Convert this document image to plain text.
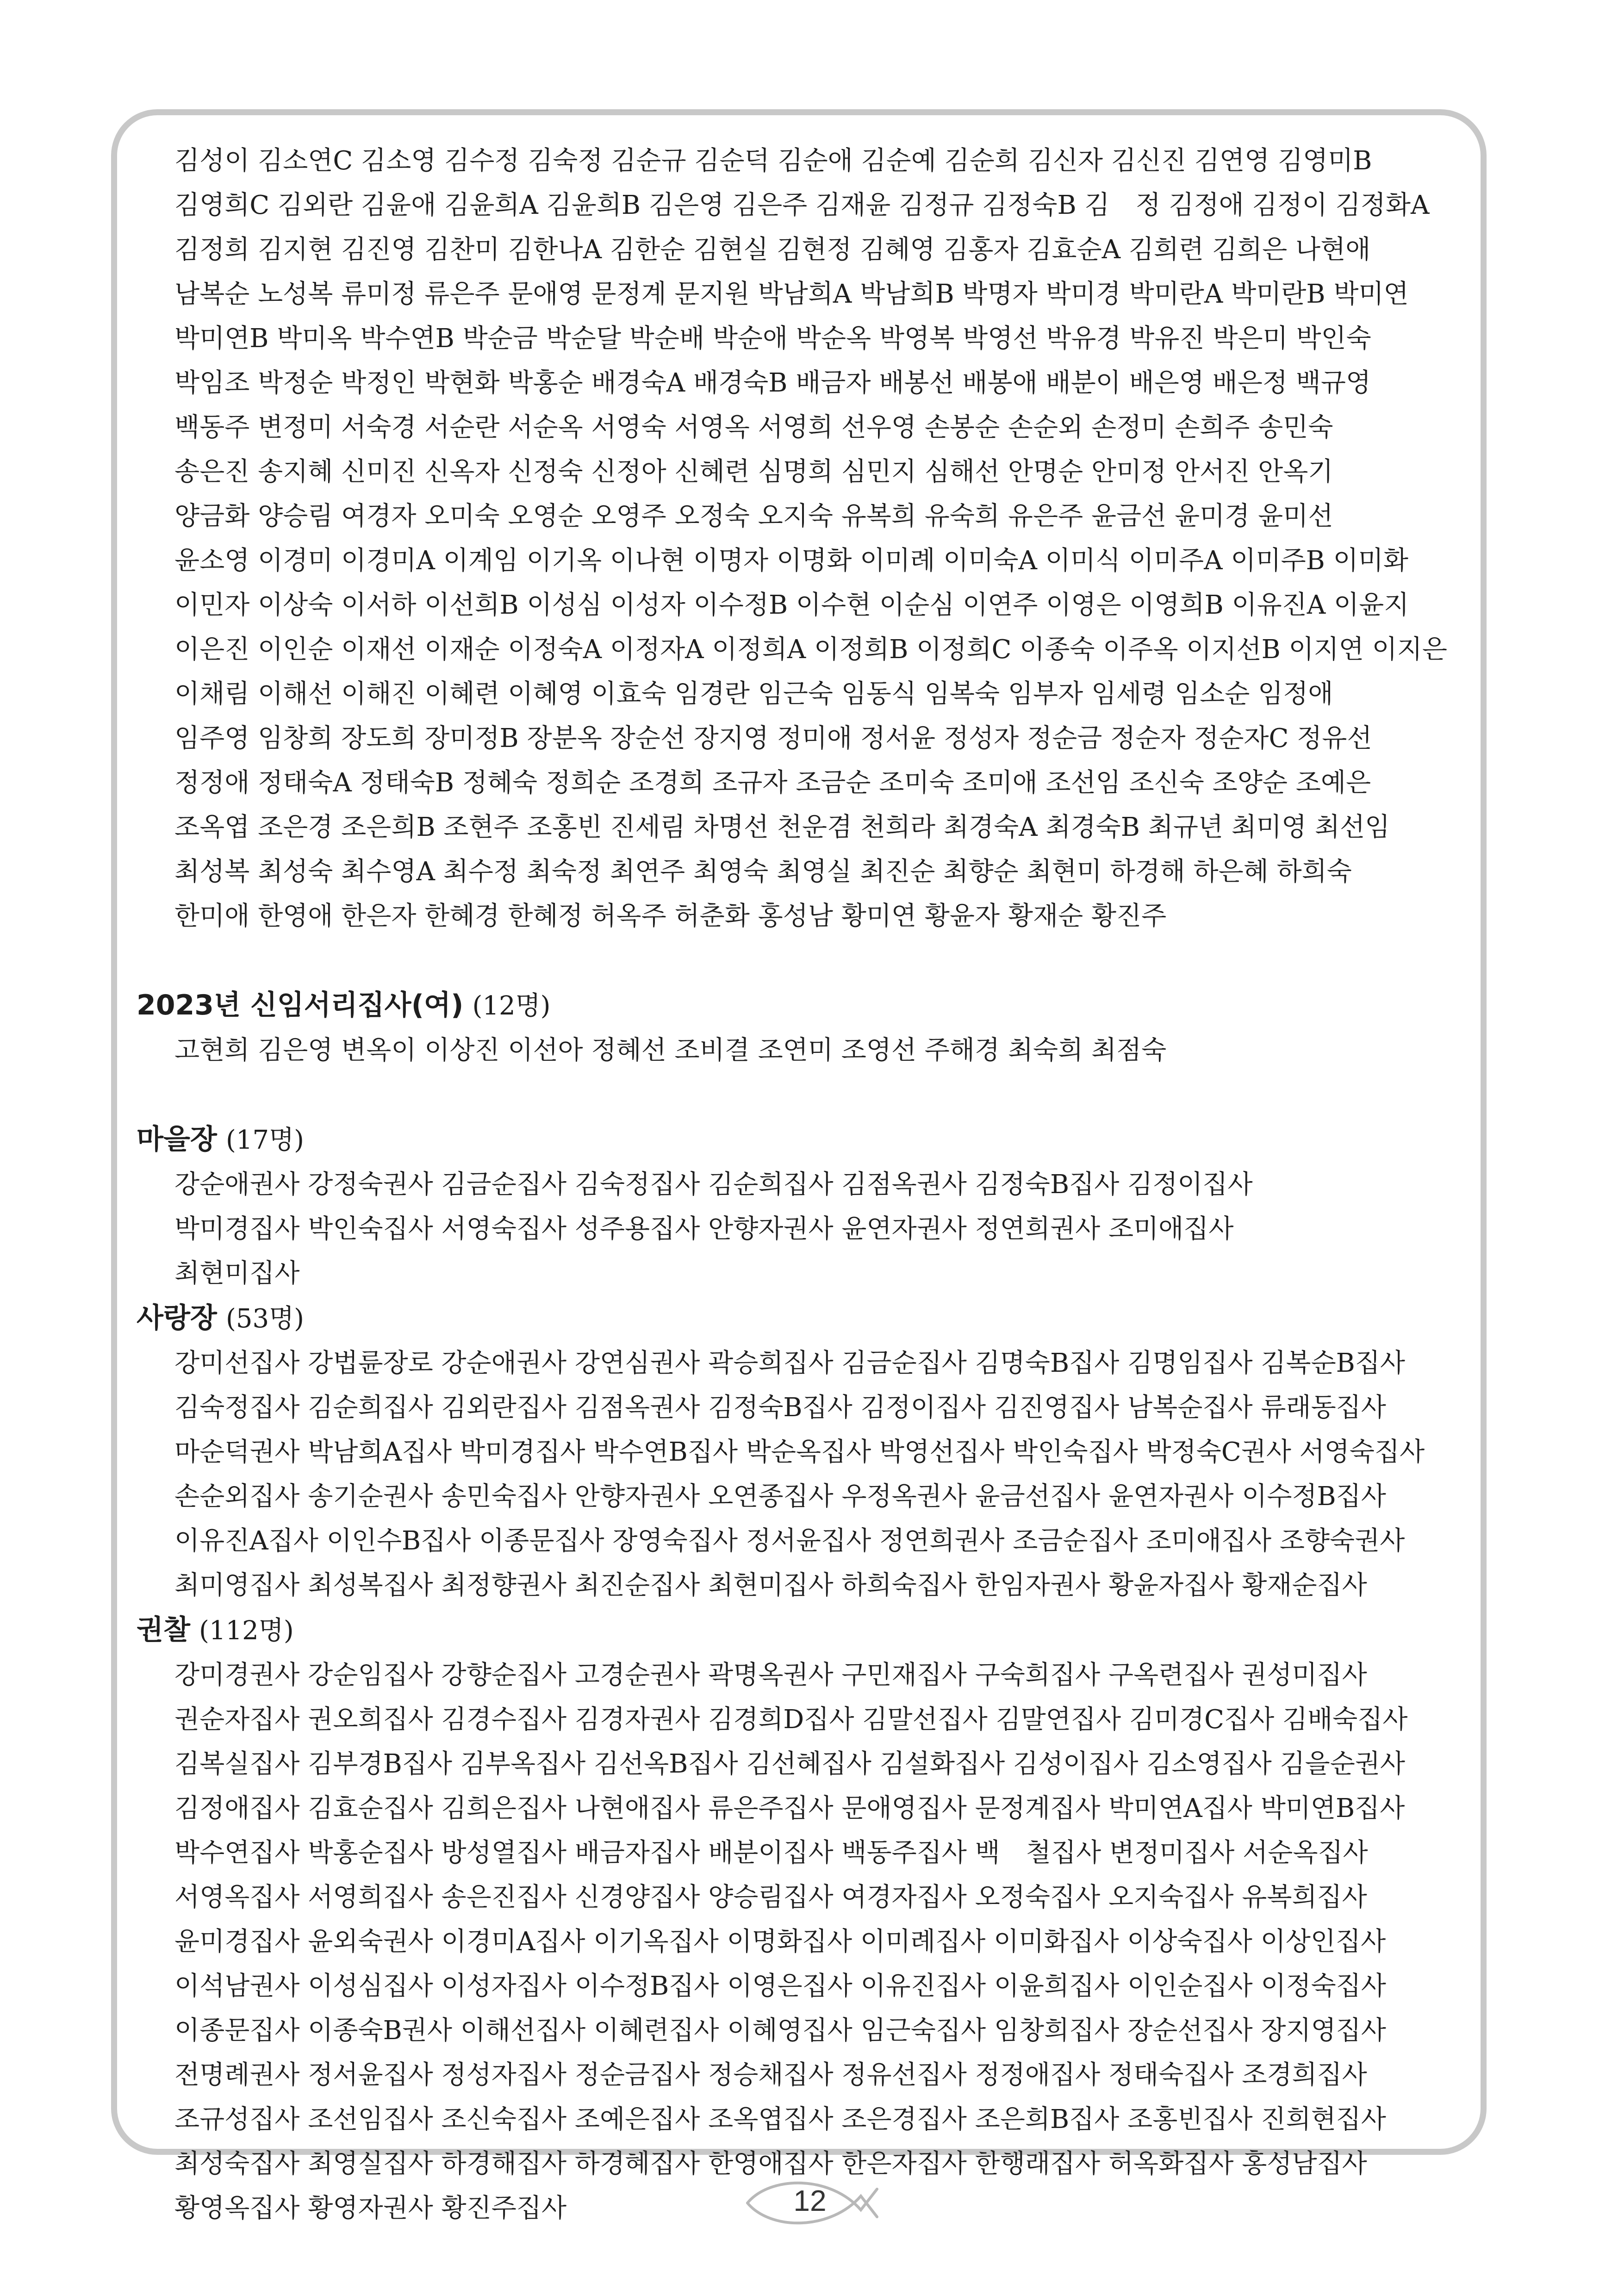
김성이 김소연C 김소영 김수정 김숙정 김순규 김순덕 김순애 김순예 김순희 김신자 김신진 김연영 김영미B
김영희C 김외란 김윤애 김윤희A 김윤희B 김은영 김은주 김재윤 김정규 김정숙B 김　정 김정애 김정이 김정화A
김정희 김지현 김진영 김찬미 김한나A 김한순 김현실 김현정 김혜영 김홍자 김효순A 김희련 김희은 나현애
남복순 노성복 류미정 류은주 문애영 문정계 문지원 박남희A 박남희B 박명자 박미경 박미란A 박미란B 박미연
박미연B 박미옥 박수연B 박순금 박순달 박순배 박순애 박순옥 박영복 박영선 박유경 박유진 박은미 박인숙
박임조 박정순 박정인 박현화 박홍순 배경숙A 배경숙B 배금자 배봉선 배봉애 배분이 배은영 배은정 백규영
백동주 변정미 서숙경 서순란 서순옥 서영숙 서영옥 서영희 선우영 손봉순 손순외 손정미 손희주 송민숙
송은진 송지혜 신미진 신옥자 신정숙 신정아 신혜련 심명희 심민지 심해선 안명순 안미정 안서진 안옥기
양금화 양승림 여경자 오미숙 오영순 오영주 오정숙 오지숙 유복희 유숙희 유은주 윤금선 윤미경 윤미선
윤소영 이경미 이경미A 이계임 이기옥 이나현 이명자 이명화 이미례 이미숙A 이미식 이미주A 이미주B 이미화
이민자 이상숙 이서하 이선희B 이성심 이성자 이수정B 이수현 이순심 이연주 이영은 이영희B 이유진A 이윤지
이은진 이인순 이재선 이재순 이정숙A 이정자A 이정희A 이정희B 이정희C 이종숙 이주옥 이지선B 이지연 이지은
이채림 이해선 이해진 이혜련 이혜영 이효숙 임경란 임근숙 임동식 임복숙 임부자 임세령 임소순 임정애
임주영 임창희 장도희 장미정B 장분옥 장순선 장지영 정미애 정서윤 정성자 정순금 정순자 정순자C 정유선
정정애 정태숙A 정태숙B 정혜숙 정희순 조경희 조규자 조금순 조미숙 조미애 조선임 조신숙 조양순 조예은
조옥엽 조은경 조은희B 조현주 조홍빈 진세림 차명선 천운겸 천희라 최경숙A 최경숙B 최규년 최미영 최선임
최성복 최성숙 최수영A 최수정 최숙정 최연주 최영숙 최영실 최진순 최향순 최현미 하경해 하은혜 하희숙
한미애 한영애 한은자 한혜경 한혜정 허옥주 허춘화 홍성남 황미연 황윤자 황재순 황진주
2023년 신임서리집사(여) (12명)
고현희 김은영 변옥이 이상진 이선아 정혜선 조비결 조연미 조영선 주해경 최숙희 최점숙
마을장 (17명)
강순애권사 강정숙권사 김금순집사 김숙정집사 김순희집사 김점옥권사 김정숙B집사 김정이집사
박미경집사 박인숙집사 서영숙집사 성주용집사 안향자권사 윤연자권사 정연희권사 조미애집사
최현미집사
사랑장 (53명)
강미선집사 강법륜장로 강순애권사 강연심권사 곽승희집사 김금순집사 김명숙B집사 김명임집사 김복순B집사
김숙정집사 김순희집사 김외란집사 김점옥권사 김정숙B집사 김정이집사 김진영집사 남복순집사 류래동집사
마순덕권사 박남희A집사 박미경집사 박수연B집사 박순옥집사 박영선집사 박인숙집사 박정숙C권사 서영숙집사
손순외집사 송기순권사 송민숙집사 안향자권사 오연종집사 우정옥권사 윤금선집사 윤연자권사 이수정B집사
이유진A집사 이인수B집사 이종문집사 장영숙집사 정서윤집사 정연희권사 조금순집사 조미애집사 조향숙권사
최미영집사 최성복집사 최정향권사 최진순집사 최현미집사 하희숙집사 한임자권사 황윤자집사 황재순집사
권찰 (112명)
강미경권사 강순임집사 강향순집사 고경순권사 곽명옥권사 구민재집사 구숙희집사 구옥련집사 권성미집사
권순자집사 권오희집사 김경수집사 김경자권사 김경희D집사 김말선집사 김말연집사 김미경C집사 김배숙집사
김복실집사 김부경B집사 김부옥집사 김선옥B집사 김선혜집사 김설화집사 김성이집사 김소영집사 김을순권사
김정애집사 김효순집사 김희은집사 나현애집사 류은주집사 문애영집사 문정계집사 박미연A집사 박미연B집사
박수연집사 박홍순집사 방성열집사 배금자집사 배분이집사 백동주집사 백　철집사 변정미집사 서순옥집사
서영옥집사 서영희집사 송은진집사 신경양집사 양승림집사 여경자집사 오정숙집사 오지숙집사 유복희집사
윤미경집사 윤외숙권사 이경미A집사 이기옥집사 이명화집사 이미례집사 이미화집사 이상숙집사 이상인집사
이석남권사 이성심집사 이성자집사 이수정B집사 이영은집사 이유진집사 이윤희집사 이인순집사 이정숙집사
이종문집사 이종숙B권사 이해선집사 이혜련집사 이혜영집사 임근숙집사 임창희집사 장순선집사 장지영집사
전명례권사 정서윤집사 정성자집사 정순금집사 정승채집사 정유선집사 정정애집사 정태숙집사 조경희집사
조규성집사 조선임집사 조신숙집사 조예은집사 조옥엽집사 조은경집사 조은희B집사 조홍빈집사 진희현집사
최성숙집사 최영실집사 하경해집사 하경혜집사 한영애집사 한은자집사 한행래집사 허옥화집사 홍성남집사
황영옥집사 황영자권사 황진주집사	12
